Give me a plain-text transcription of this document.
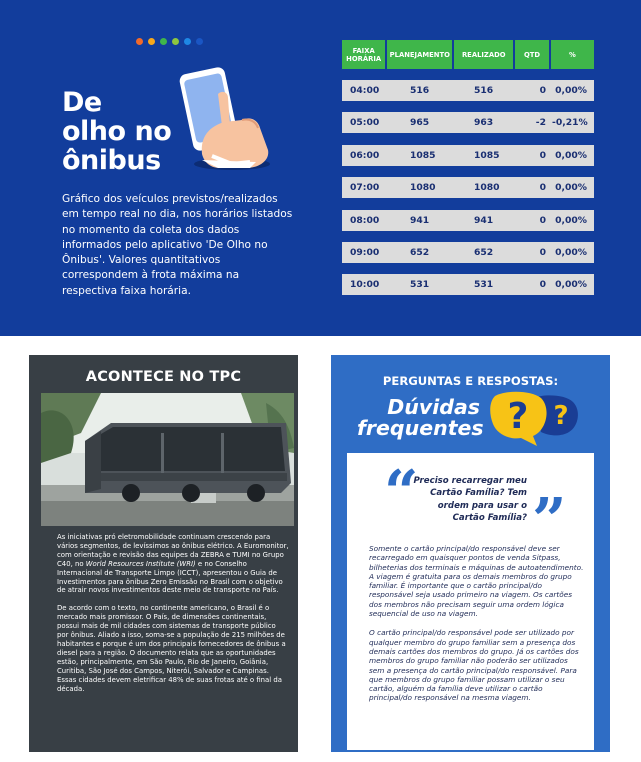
De
olho no
ônibus

Gráfico dos veículos previstos/realizados em tempo real no dia, nos horários listados no momento da coleta dos dados informados pelo aplicativo 'De Olho no Ônibus'. Valores quantitativos correspondem à frota máxima na respectiva faixa horária.

FAIXA HORÁRIA	PLANEJAMENTO	REALIZADO	QTD	%
04:00	516	516	0 0,00%
05:00	965	963	-2 -0,21%
06:00	1085	1085	0 0,00%
07:00	1080	1080	0 0,00%
08:00	941	941	0 0,00%
09:00	652	652	0 0,00%
10:00	531	531	0 0,00%
ACONTECE NO TPC

As iniciativas pró eletromobilidade continuam crescendo para vários segmentos, de levíssimos ao ônibus elétrico. A Euromonitor, com orientação e revisão das equipes da ZEBRA e TUMI no Grupo C40, no World Resources Institute (WRI) e no Conselho Internacional de Transporte Limpo (ICCT), apresentou o Guia de Investimentos para ônibus Zero Emissão no Brasil com o objetivo de atrair novos investimentos deste meio de transporte no País.

De acordo com o texto, no continente americano, o Brasil é o mercado mais promissor. O País, de dimensões continentais, possui mais de mil cidades com sistemas de transporte público por ônibus. Aliado a isso, soma-se a população de 215 milhões de habitantes e porque é um dos principais fornecedores de ônibus a diesel para a região. O documento relata que as oportunidades estão, principalmente, em São Paulo, Rio de Janeiro, Goiânia, Curitiba, São José dos Campos, Niterói, Salvador e Campinas. Essas cidades devem eletrificar 48% de suas frotas até o final da década.

PERGUNTAS E RESPOSTAS:
Dúvidas
frequentes ? ?
“ ”
Preciso recarregar meu Cartão Família? Tem ordem para usar o Cartão Família?

Somente o cartão principal/do responsável deve ser recarregado em quaisquer pontos de venda Sitpass, bilheterias dos terminais e máquinas de autoatendimento. A viagem é gratuita para os demais membros do grupo familiar. É importante que o cartão principal/do responsável seja usado primeiro na viagem. Os cartões dos membros não precisam seguir uma ordem lógica sequencial de uso na viagem.

O cartão principal/do responsável pode ser utilizado por qualquer membro do grupo familiar sem a presença dos demais cartões dos membros do grupo. Já os cartões dos membros do grupo familiar não poderão ser utilizados sem a presença do cartão principal/do responsável. Para que membros do grupo familiar possam utilizar o seu cartão, alguém da família deve utilizar o cartão principal/do responsável na mesma viagem.
